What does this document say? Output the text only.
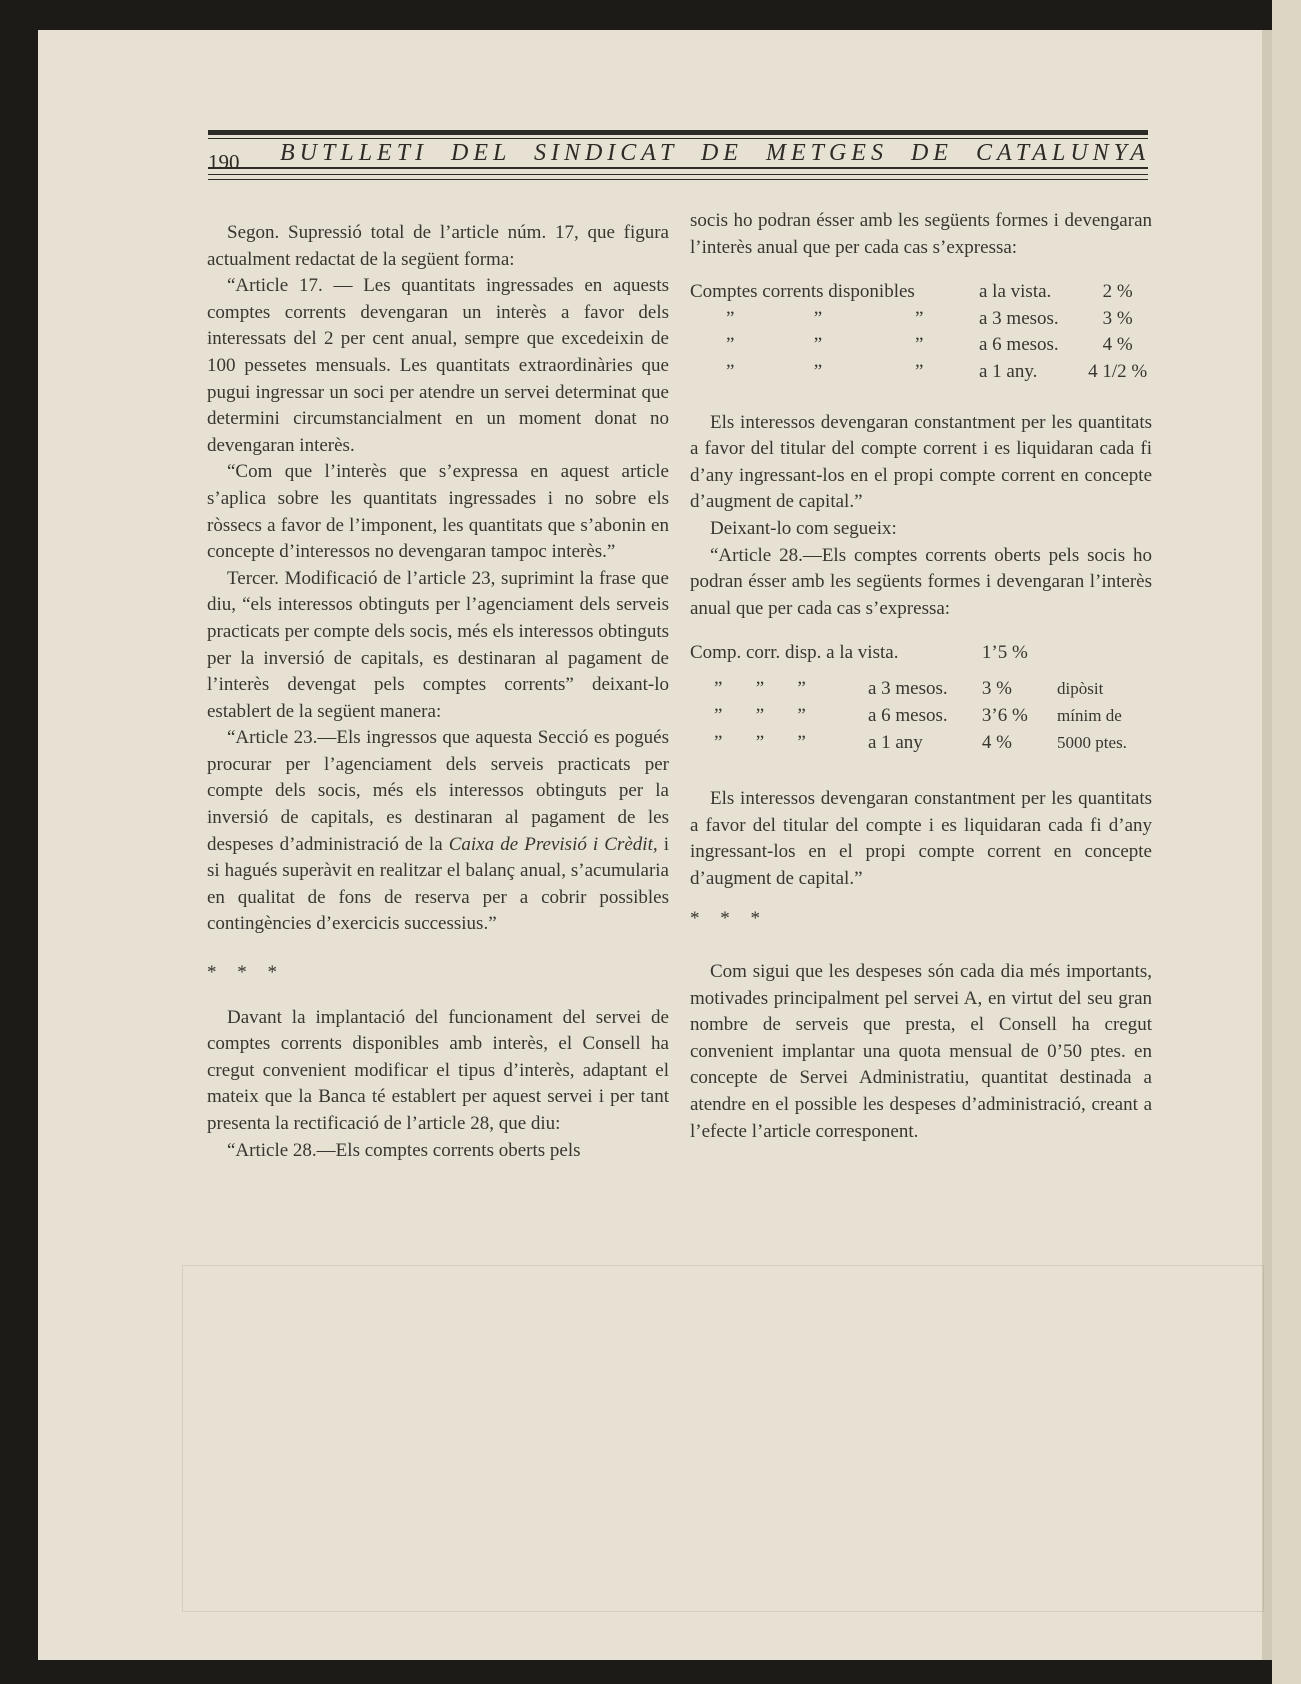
190 BUTLLETI DEL SINDICAT DE METGES DE CATALUNYA

Segon. Supressió total de l’article núm. 17, que figura actualment redactat de la següent forma:

“Article 17. — Les quantitats ingressades en aquests comptes corrents devengaran un interès a favor dels interessats del 2 per cent anual, sempre que excedeixin de 100 pessetes mensuals. Les quantitats extraordinàries que pugui ingressar un soci per atendre un servei determinat que determini circumstancialment en un moment donat no devengaran interès.

“Com que l’interès que s’expressa en aquest article s’aplica sobre les quantitats ingressades i no sobre els ròssecs a favor de l’imponent, les quantitats que s’abonin en concepte d’interessos no devengaran tampoc interès.”

Tercer. Modificació de l’article 23, suprimint la frase que diu, “els interessos obtinguts per l’agenciament dels serveis practicats per compte dels socis, més els interessos obtinguts per la inversió de capitals, es destinaran al pagament de l’interès devengat pels comptes corrents” deixant-lo establert de la següent manera:

“Article 23.—Els ingressos que aquesta Secció es pogués procurar per l’agenciament dels serveis practicats per compte dels socis, més els interessos obtinguts per la inversió de capitals, es destinaran al pagament de les despeses d’administració de la Caixa de Previsió i Crèdit, i si hagués superàvit en realitzar el balanç anual, s’acumularia en qualitat de fons de reserva per a cobrir possibles contingències d’exercicis successius.”

* * *

Davant la implantació del funcionament del servei de comptes corrents disponibles amb interès, el Consell ha cregut convenient modificar el tipus d’interès, adaptant el mateix que la Banca té establert per aquest servei i per tant presenta la rectificació de l’article 28, que diu:

“Article 28.—Els comptes corrents oberts pels

socis ho podran ésser amb les següents formes i devengaran l’interès anual que per cada cas s’expressa:

Comptes corrents disponibles			a la vista.	2 %
”	”	”	a 3 mesos.	3 %
”	”	”	a 6 mesos.	4 %
”	”	”	a 1 any.	4 1/2 %

Els interessos devengaran constantment per les quantitats a favor del titular del compte corrent i es liquidaran cada fi d’any ingressant-los en el propi compte corrent en concepte d’augment de capital.”

Deixant-lo com segueix:

“Article 28.—Els comptes corrents oberts pels socis ho podran ésser amb les següents formes i devengaran l’interès anual que per cada cas s’expressa:

Comp. corr. disp. a la vista.		1’5 %	
” ” ”	a 3 mesos.	3 %	dipòsit
” ” ”	a 6 mesos.	3’6 %	mínim de
” ” ”	a 1 any	4 %	5000 ptes.

Els interessos devengaran constantment per les quantitats a favor del titular del compte i es liquidaran cada fi d’any ingressant-los en el propi compte corrent en concepte d’augment de capital.”

* * *

Com sigui que les despeses són cada dia més importants, motivades principalment pel servei A, en virtut del seu gran nombre de serveis que presta, el Consell ha cregut convenient implantar una quota mensual de 0’50 ptes. en concepte de Servei Administratiu, quantitat destinada a atendre en el possible les despeses d’administració, creant a l’efecte l’article corresponent.
